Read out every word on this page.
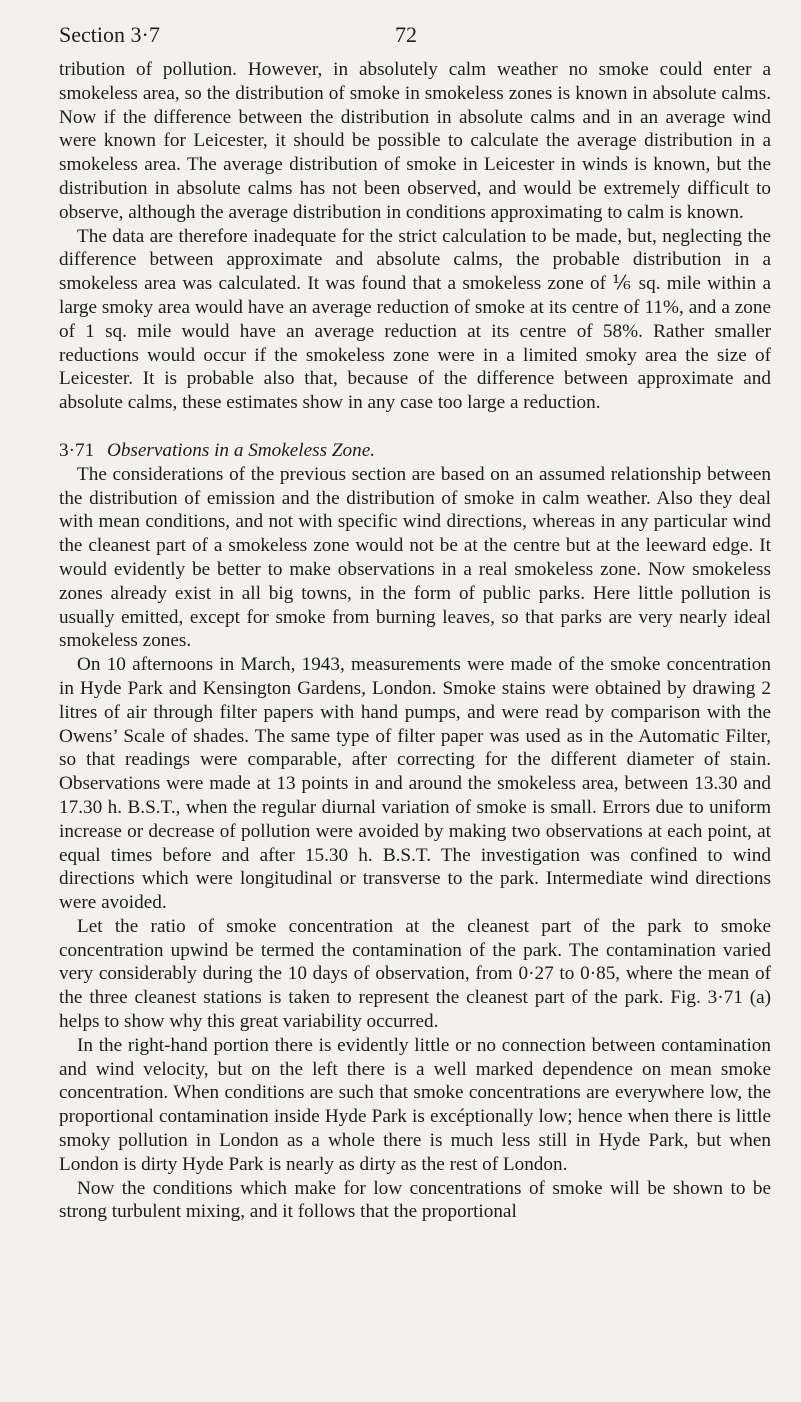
Section 3·7	72

tribution of pollution. However, in absolutely calm weather no smoke could enter a smokeless area, so the distribution of smoke in smokeless zones is known in absolute calms. Now if the difference between the distribution in absolute calms and in an average wind were known for Leicester, it should be possible to calculate the average distribution in a smokeless area. The average distribution of smoke in Leicester in winds is known, but the distribution in absolute calms has not been observed, and would be extremely difficult to observe, although the average distribution in conditions approximating to calm is known.

The data are therefore inadequate for the strict calculation to be made, but, neglecting the difference between approximate and absolute calms, the probable distribution in a smokeless area was calculated. It was found that a smokeless zone of ⅙ sq. mile within a large smoky area would have an average reduction of smoke at its centre of 11%, and a zone of 1 sq. mile would have an average reduction at its centre of 58%. Rather smaller reductions would occur if the smokeless zone were in a limited smoky area the size of Leicester. It is probable also that, because of the difference between approximate and absolute calms, these estimates show in any case too large a reduction.

3·71 Observations in a Smokeless Zone.

The considerations of the previous section are based on an assumed relationship between the distribution of emission and the distribution of smoke in calm weather. Also they deal with mean conditions, and not with specific wind directions, whereas in any particular wind the cleanest part of a smokeless zone would not be at the centre but at the leeward edge. It would evidently be better to make observations in a real smokeless zone. Now smokeless zones already exist in all big towns, in the form of public parks. Here little pollution is usually emitted, except for smoke from burning leaves, so that parks are very nearly ideal smokeless zones.

On 10 afternoons in March, 1943, measurements were made of the smoke concentration in Hyde Park and Kensington Gardens, London. Smoke stains were obtained by drawing 2 litres of air through filter papers with hand pumps, and were read by comparison with the Owens’ Scale of shades. The same type of filter paper was used as in the Automatic Filter, so that readings were comparable, after correcting for the different diameter of stain. Observations were made at 13 points in and around the smokeless area, between 13.30 and 17.30 h. B.S.T., when the regular diurnal variation of smoke is small. Errors due to uniform increase or decrease of pollution were avoided by making two observations at each point, at equal times before and after 15.30 h. B.S.T. The investigation was confined to wind directions which were longitudinal or transverse to the park. Intermediate wind directions were avoided.

Let the ratio of smoke concentration at the cleanest part of the park to smoke concentration upwind be termed the contamination of the park. The contamination varied very considerably during the 10 days of observation, from 0·27 to 0·85, where the mean of the three cleanest stations is taken to represent the cleanest part of the park. Fig. 3·71 (a) helps to show why this great variability occurred.

In the right-hand portion there is evidently little or no connection between contamination and wind velocity, but on the left there is a well marked dependence on mean smoke concentration. When conditions are such that smoke concentrations are everywhere low, the proportional contamination inside Hyde Park is excéptionally low; hence when there is little smoky pollution in London as a whole there is much less still in Hyde Park, but when London is dirty Hyde Park is nearly as dirty as the rest of London.

Now the conditions which make for low concentrations of smoke will be shown to be strong turbulent mixing, and it follows that the proportional
